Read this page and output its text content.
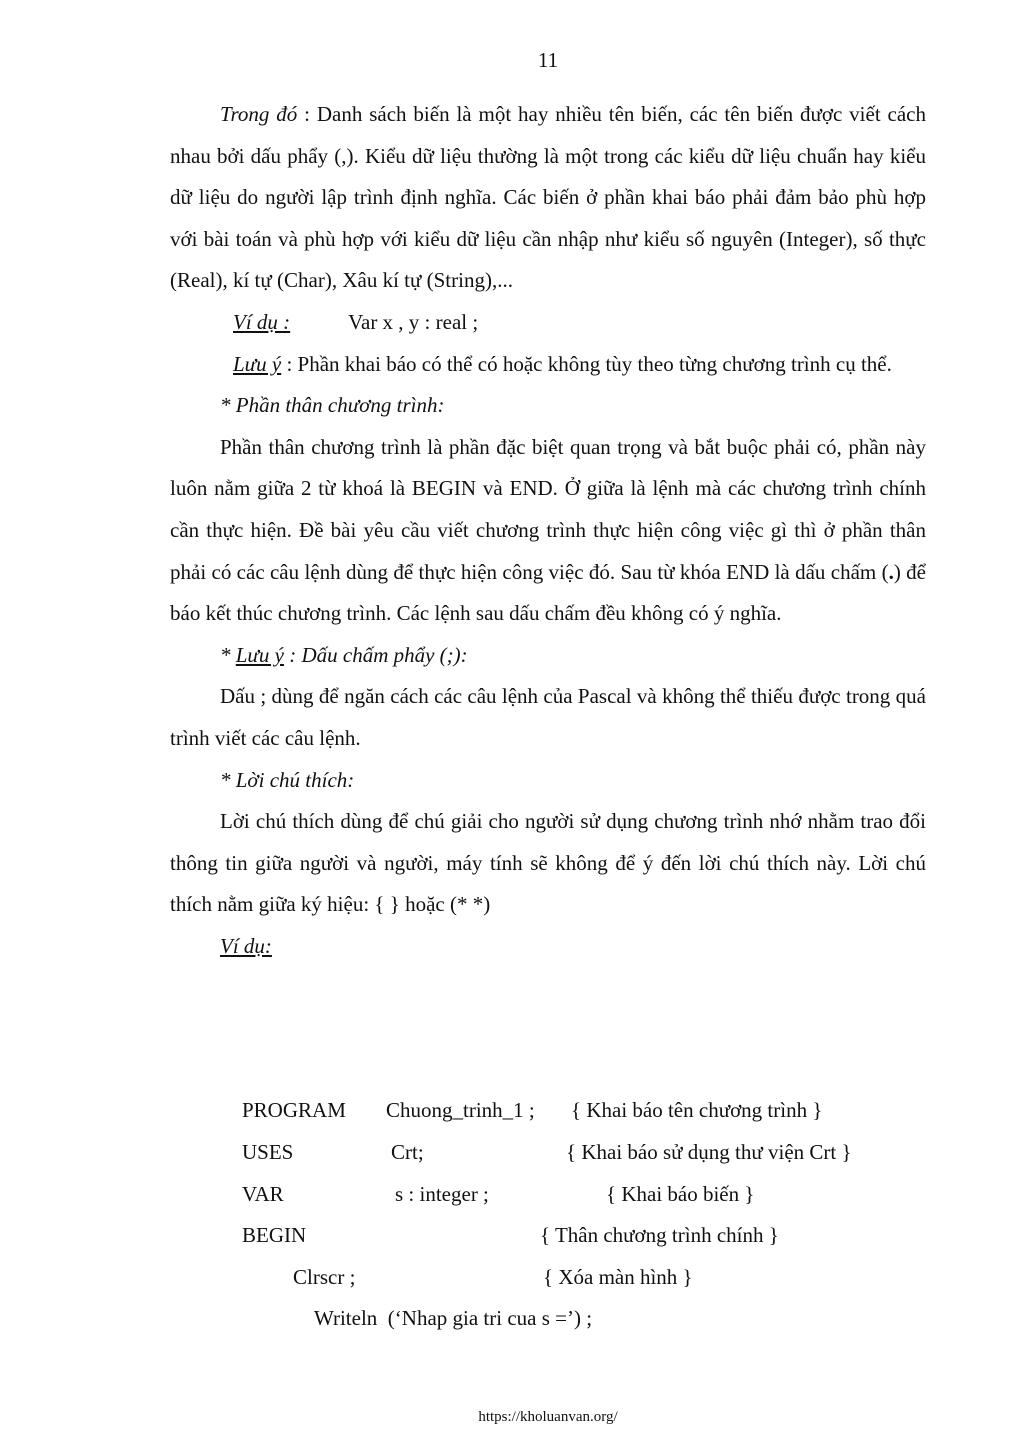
11

Trong đó : Danh sách biến là một hay nhiều tên biến, các tên biến được viết cách nhau bởi dấu phẩy (,). Kiểu dữ liệu thường là một trong các kiểu dữ liệu chuẩn hay kiểu dữ liệu do người lập trình định nghĩa. Các biến ở phần khai báo phải đảm bảo phù hợp với bài toán và phù hợp với kiểu dữ liệu cần nhập như kiểu số nguyên (Integer), số thực (Real), kí tự (Char), Xâu kí tự (String),...

Ví dụ :	Var x , y : real ;

Lưu ý : Phần khai báo có thể có hoặc không tùy theo từng chương trình cụ thể.

* Phần thân chương trình:

Phần thân chương trình là phần đặc biệt quan trọng và bắt buộc phải có, phần này luôn nằm giữa 2 từ khoá là BEGIN và END. Ở giữa là lệnh mà các chương trình chính cần thực hiện. Đề bài yêu cầu viết chương trình thực hiện công việc gì thì ở phần thân phải có các câu lệnh dùng để thực hiện công việc đó. Sau từ khóa END là dấu chấm (.) để báo kết thúc chương trình. Các lệnh sau dấu chấm đều không có ý nghĩa.

* Lưu ý : Dấu chấm phẩy (;):

Dấu ; dùng để ngăn cách các câu lệnh của Pascal và không thể thiếu được trong quá trình viết các câu lệnh.

* Lời chú thích:

Lời chú thích dùng để chú giải cho người sử dụng chương trình nhớ nhằm trao đổi thông tin giữa người và người, máy tính sẽ không để ý đến lời chú thích này. Lời chú thích nằm giữa ký hiệu: { } hoặc (* *)

Ví dụ:

PROGRAM Chuong_trinh_1 ; { Khai báo tên chương trình }
USES	Crt;	{ Khai báo sử dụng thư viện Crt }
VAR	s : integer ;	{ Khai báo biến }
BEGIN	{ Thân chương trình chính }
Clrscr ;	{ Xóa màn hình }
Writeln  (‘Nhap gia tri cua s =’) ;
https://kholuanvan.org/
